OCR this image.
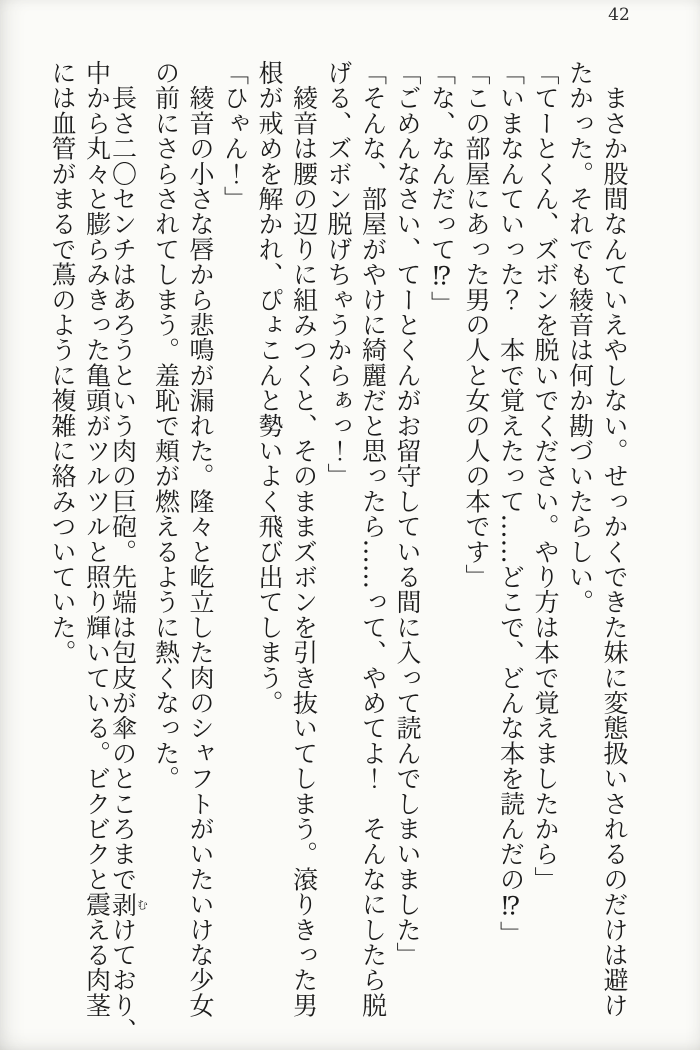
42
　まさか股間なんていえやしない。せっかくできた妹に変態扱いされるのだけは避け
たかった。それでも綾音は何か勘づいたらしい。
「てーとくん、ズボンを脱いでください。やり方は本で覚えましたから」
「いまなんていった？　本で覚えたって……どこで、どんな本を読んだの⁉」
「この部屋にあった男の人と女の人の本です」
「な、なんだって⁉」
「ごめんなさい、てーとくんがお留守している間に入って読んでしまいました」
「そんな、部屋がやけに綺麗だと思ったら……って、やめてよ！　そんなにしたら脱
げる、ズボン脱げちゃうからぁっ！」
　綾音は腰の辺りに組みつくと、そのままズボンを引き抜いてしまう。滾りきった男
根が戒めを解かれ、ぴょこんと勢いよく飛び出てしまう。
「ひゃん！」
　綾音の小さな唇から悲鳴が漏れた。隆々と屹立した肉のシャフトがいたいけな少女
の前にさらされてしまう。羞恥で頬が燃えるように熱くなった。
　長さ二〇センチはあろうという肉の巨砲。先端は包皮が傘のところまで剥むけており、
中から丸々と膨らみきった亀頭がツルツルと照り輝いている。ビクビクと震える肉茎
には血管がまるで蔦のように複雑に絡みついていた。
